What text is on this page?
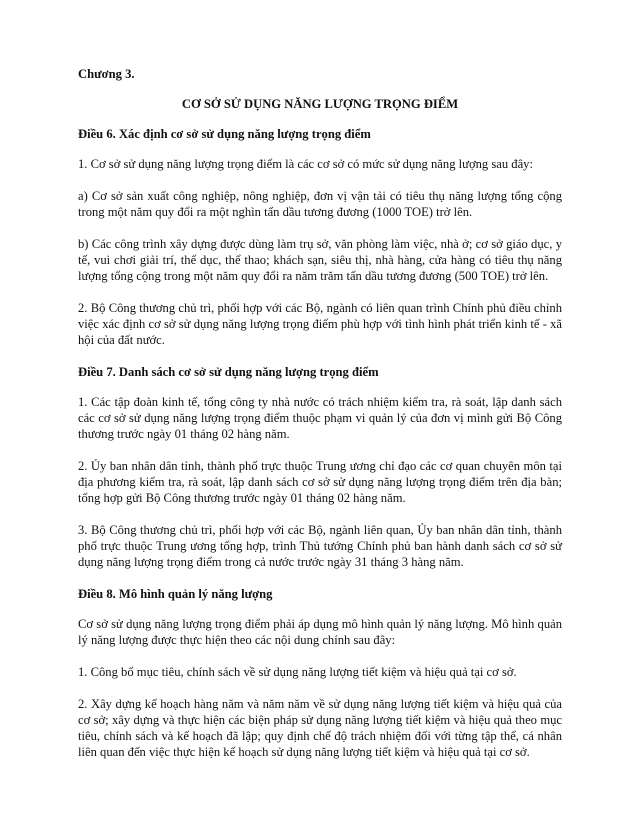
Chương 3.

CƠ SỞ SỬ DỤNG NĂNG LƯỢNG TRỌNG ĐIỂM

Điều 6. Xác định cơ sở sử dụng năng lượng trọng điểm

1. Cơ sở sử dụng năng lượng trọng điểm là các cơ sở có mức sử dụng năng lượng sau đây:

a) Cơ sở sản xuất công nghiệp, nông nghiệp, đơn vị vận tải có tiêu thụ năng lượng tổng cộng trong một năm quy đổi ra một nghìn tấn dầu tương đương (1000 TOE) trở lên.

b) Các công trình xây dựng được dùng làm trụ sở, văn phòng làm việc, nhà ở; cơ sở giáo dục, y tế, vui chơi giải trí, thể dục, thể thao; khách sạn, siêu thị, nhà hàng, cửa hàng có tiêu thụ năng lượng tổng cộng trong một năm quy đổi ra năm trăm tấn dầu tương đương (500 TOE) trở lên.

2. Bộ Công thương chủ trì, phối hợp với các Bộ, ngành có liên quan trình Chính phủ điều chỉnh việc xác định cơ sở sử dụng năng lượng trọng điểm phù hợp với tình hình phát triển kinh tế - xã hội của đất nước.

Điều 7. Danh sách cơ sở sử dụng năng lượng trọng điểm

1. Các tập đoàn kinh tế, tổng công ty nhà nước có trách nhiệm kiểm tra, rà soát, lập danh sách các cơ sở sử dụng năng lượng trọng điểm thuộc phạm vi quản lý của đơn vị mình gửi Bộ Công thương trước ngày 01 tháng 02 hàng năm.

2. Ủy ban nhân dân tỉnh, thành phố trực thuộc Trung ương chỉ đạo các cơ quan chuyên môn tại địa phương kiểm tra, rà soát, lập danh sách cơ sở sử dụng năng lượng trọng điểm trên địa bàn; tổng hợp gửi Bộ Công thương trước ngày 01 tháng 02 hàng năm.

3. Bộ Công thương chủ trì, phối hợp với các Bộ, ngành liên quan, Ủy ban nhân dân tỉnh, thành phố trực thuộc Trung ương tổng hợp, trình Thủ tướng Chính phủ ban hành danh sách cơ sở sử dụng năng lượng trọng điểm trong cả nước trước ngày 31 tháng 3 hàng năm.

Điều 8. Mô hình quản lý năng lượng

Cơ sở sử dụng năng lượng trọng điểm phải áp dụng mô hình quản lý năng lượng. Mô hình quản lý năng lượng được thực hiện theo các nội dung chính sau đây:

1. Công bố mục tiêu, chính sách về sử dụng năng lượng tiết kiệm và hiệu quả tại cơ sở.

2. Xây dựng kế hoạch hàng năm và năm năm về sử dụng năng lượng tiết kiệm và hiệu quả của cơ sở; xây dựng và thực hiện các biện pháp sử dụng năng lượng tiết kiệm và hiệu quả theo mục tiêu, chính sách và kế hoạch đã lập; quy định chế độ trách nhiệm đối với từng tập thể, cá nhân liên quan đến việc thực hiện kế hoạch sử dụng năng lượng tiết kiệm và hiệu quả tại cơ sở.
